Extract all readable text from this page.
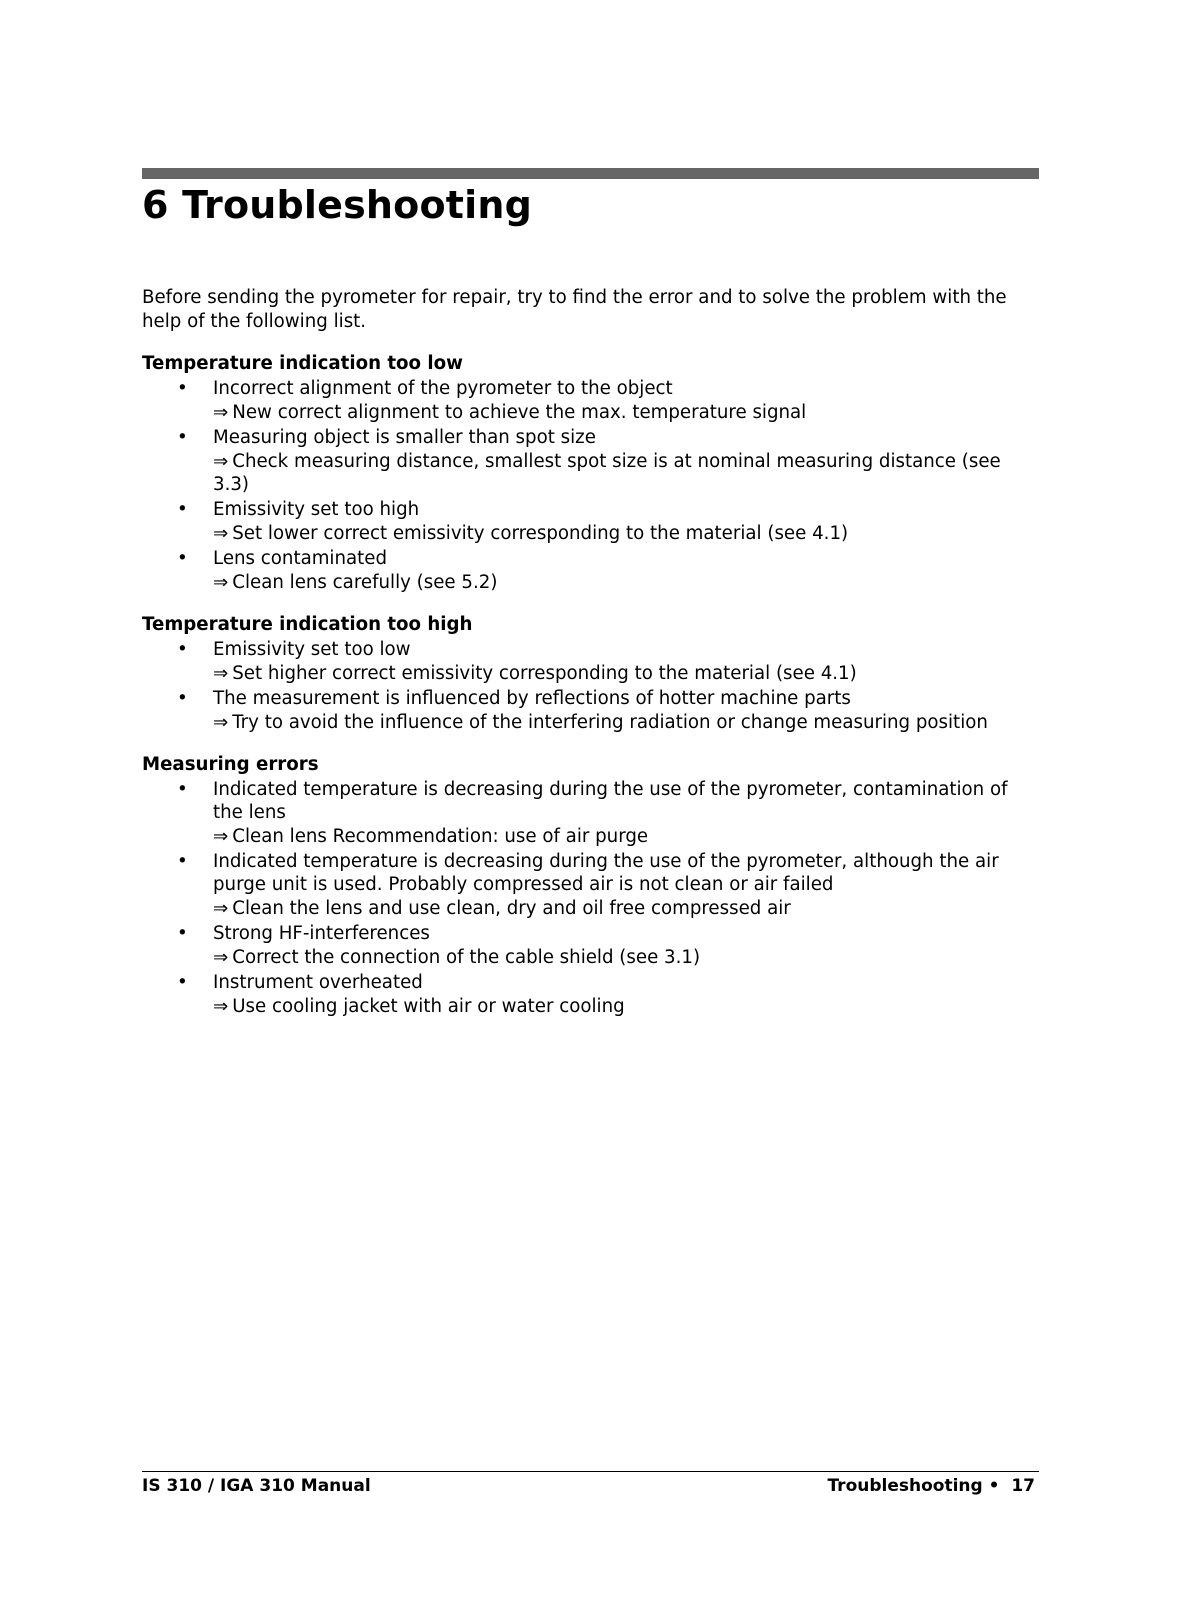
6 Troubleshooting

Before sending the pyrometer for repair, try to find the error and to solve the problem with the help of the following list.

Temperature indication too low
• Incorrect alignment of the pyrometer to the object
⇒ New correct alignment to achieve the max. temperature signal
• Measuring object is smaller than spot size
⇒ Check measuring distance, smallest spot size is at nominal measuring distance (see 3.3)
• Emissivity set too high
⇒ Set lower correct emissivity corresponding to the material (see 4.1)
• Lens contaminated
⇒ Clean lens carefully (see 5.2)
Temperature indication too high
• Emissivity set too low
⇒ Set higher correct emissivity corresponding to the material (see 4.1)
• The measurement is influenced by reflections of hotter machine parts
⇒ Try to avoid the influence of the interfering radiation or change measuring position
Measuring errors
• Indicated temperature is decreasing during the use of the pyrometer, contamination of the lens
⇒ Clean lens Recommendation: use of air purge
• Indicated temperature is decreasing during the use of the pyrometer, although the air purge unit is used. Probably compressed air is not clean or air failed
⇒ Clean the lens and use clean, dry and oil free compressed air
• Strong HF-interferences
⇒ Correct the connection of the cable shield (see 3.1)
• Instrument overheated
⇒ Use cooling jacket with air or water cooling
IS 310 / IGA 310 Manual	Troubleshooting • 17
